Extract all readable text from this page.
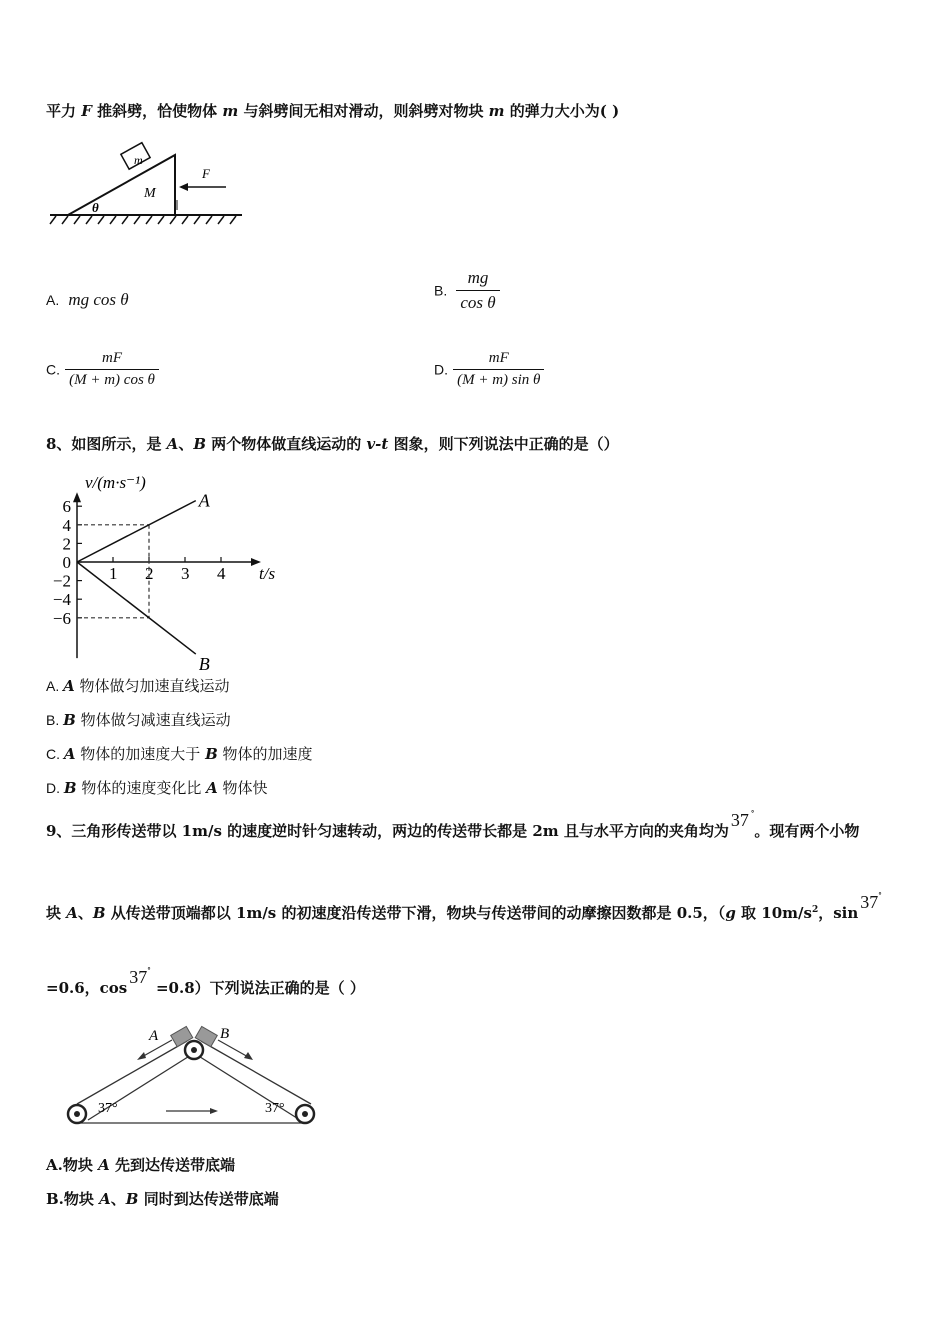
平力 F 推斜劈，恰使物体 m 与斜劈间无相对滑动，则斜劈对物块 m 的弹力大小为( )
m
M
θ
F
A. mg cos θ	B. $\frac{mg}{\text{cos θ}}$
C. $\frac{mF}{\text{(M + m) cos θ}}$	D. $\frac{mF}{\text{(M + m) sin θ}}$
8、如图所示，是 A、B 两个物体做直线运动的 v-t 图象，则下列说法中正确的是（）
1 2 3 4
6
4
2
0
−2
−4
−6
A
B
v/(m·s⁻¹)
t/s
A. A 物体做匀加速直线运动
B. B 物体做匀减速直线运动
C. A 物体的加速度大于 B 物体的加速度
D. B 物体的速度变化比 A 物体快
9、三角形传送带以 1m/s 的速度逆时针匀速转动，两边的传送带长都是 2m 且与水平方向的夹角均为37 °。现有两个小物
块 A、B 从传送带顶端都以 1m/s 的初速度沿传送带下滑，物块与传送带间的动摩擦因数都是 0.5，（g 取 $10m/s^2$，sin37°
=0.6，cos37° =0.8）下列说法正确的是（ ）
A	B
37°	37°
A.物块 A 先到达传送带底端
B.物块 A、B 同时到达传送带底端
